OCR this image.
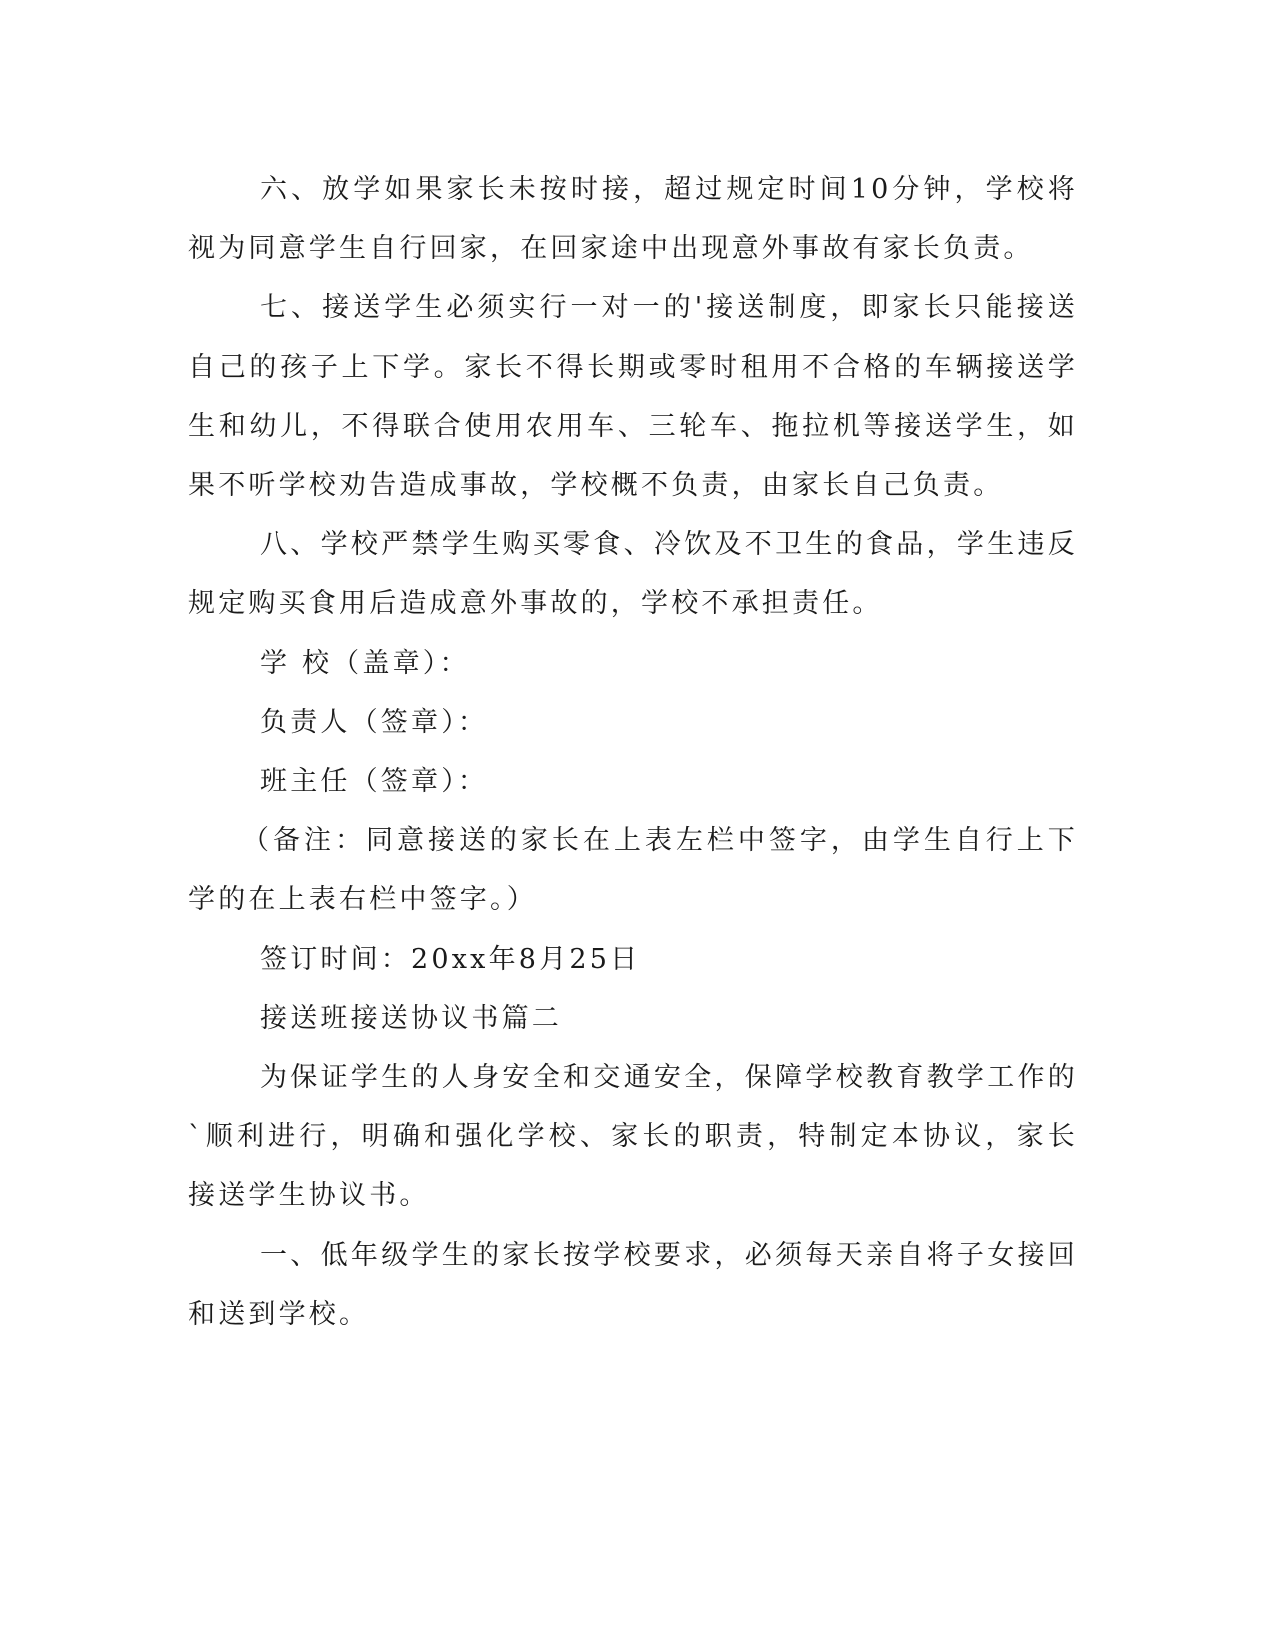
六、放学如果家长未按时接，超过规定时间10分钟，学校将视为同意学生自行回家，在回家途中出现意外事故有家长负责。

七、接送学生必须实行一对一的'接送制度，即家长只能接送自己的孩子上下学。家长不得长期或零时租用不合格的车辆接送学生和幼儿，不得联合使用农用车、三轮车、拖拉机等接送学生，如果不听学校劝告造成事故，学校概不负责，由家长自己负责。

八、学校严禁学生购买零食、冷饮及不卫生的食品，学生违反规定购买食用后造成意外事故的，学校不承担责任。

学 校（盖章）：

负责人（签章）：

班主任（签章）：

（备注：同意接送的家长在上表左栏中签字，由学生自行上下学的在上表右栏中签字。）

签订时间：20xx年8月25日

接送班接送协议书篇二

为保证学生的人身安全和交通安全，保障学校教育教学工作的`顺利进行，明确和强化学校、家长的职责，特制定本协议，家长接送学生协议书。

一、低年级学生的家长按学校要求，必须每天亲自将子女接回和送到学校。
